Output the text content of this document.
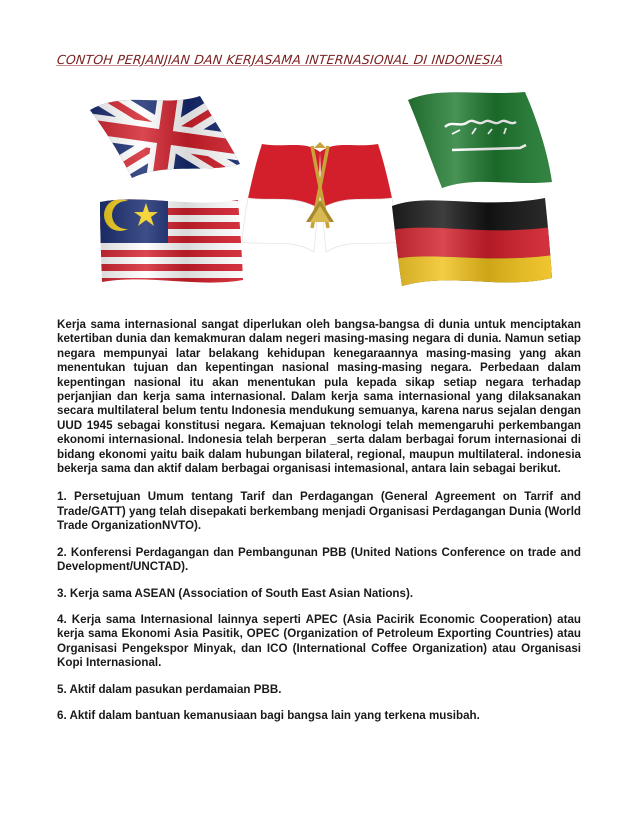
CONTOH PERJANJIAN DAN KERJASAMA INTERNASIONAL DI INDONESIA

Kerja sama internasional sangat diperlukan oleh bangsa-bangsa di dunia untuk menciptakan ketertiban dunia dan kemakmuran dalam negeri masing-masing negara di dunia. Namun setiap negara mempunyai latar belakang kehidupan kenegaraannya masing-masing yang akan menentukan tujuan dan kepentingan nasional masing-masing negara. Perbedaan dalam kepentingan nasional itu akan menentukan pula kepada sikap setiap negara terhadap perjanjian dan kerja sama internasional. Dalam kerja sama internasional yang dilaksanakan secara multilateral belum tentu Indonesia mendukung semuanya, karena narus sejalan dengan UUD 1945 sebagai konstitusi negara. Kemajuan teknologi telah memengaruhi perkembangan ekonomi internasional. Indonesia telah berperan _serta dalam berbagai forum internasionai di bidang ekonomi yaitu baik dalam hubungan bilateral, regional, maupun multilateral. indonesia bekerja sama dan aktif dalam berbagai organisasi intemasional, antara lain sebagai berikut.

1. Persetujuan Umum tentang Tarif dan Perdagangan (General Agreement on Tarrif and Trade/GATT) yang telah disepakati berkembang menjadi Organisasi Perdagangan Dunia (World Trade OrganizationNVTO).

2. Konferensi Perdagangan dan Pembangunan PBB (United Nations Conference on trade and Development/UNCTAD).

3. Kerja sama ASEAN (Association of South East Asian Nations).

4. Kerja sama Internasional lainnya seperti APEC (Asia Pacirik Economic Cooperation) atau kerja sama Ekonomi Asia Pasitik, OPEC (Organization of Petroleum Exporting Countries) atau Organisasi Pengekspor Minyak, dan ICO (International Coffee Organization) atau Organisasi Kopi Internasional.

5. Aktif dalam pasukan perdamaian PBB.

6. Aktif dalam bantuan kemanusiaan bagi bangsa lain yang terkena musibah.
